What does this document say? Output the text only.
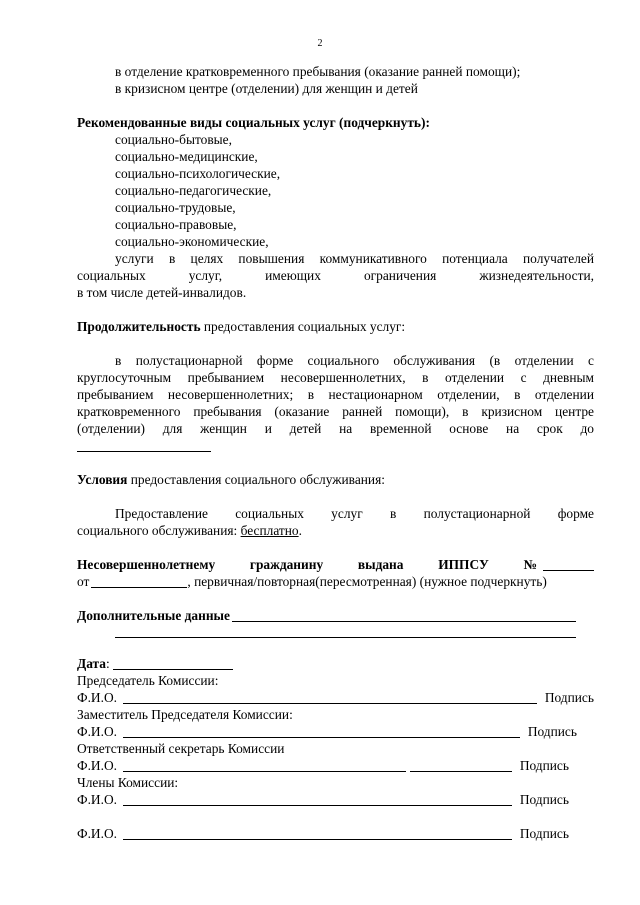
2

в отделение кратковременного пребывания (оказание ранней помощи);

в кризисном центре (отделении) для женщин и детей

Рекомендованные виды социальных услуг (подчеркнуть):

социально-бытовые,

социально-медицинские,

социально-психологические,

социально-педагогические,

социально-трудовые,

социально-правовые,

социально-экономические,

услуги в целях повышения коммуникативного потенциала получателей

социальных услуг, имеющих ограничения жизнедеятельности,

в том числе детей-инвалидов.

Продолжительность предоставления социальных услуг:

в полустационарной форме социального обслуживания (в отделении с

круглосуточным пребыванием несовершеннолетних, в отделении с дневным

пребыванием несовершеннолетних; в нестационарном отделении, в отделении

кратковременного пребывания (оказание ранней помощи), в кризисном центре

(отделении) для женщин и детей на временной основе на срок до

Условия предоставления социального обслуживания:

Предоставление социальных услуг в полустационарной форме

социального обслуживания: бесплатно.

Несовершеннолетнему гражданину выдана ИППСУ №
от	, первичная/повторная(пересмотренная) (нужное подчеркнуть)
Дополнительные данные

Дата:

Председатель Комиссии:

Ф.И.О.	Подпись

Заместитель Председателя Комиссии:

Ф.И.О.	Подпись

Ответственный секретарь Комиссии

Ф.И.О.	Подпись

Члены Комиссии:

Ф.И.О.	Подпись
Ф.И.О.	Подпись
